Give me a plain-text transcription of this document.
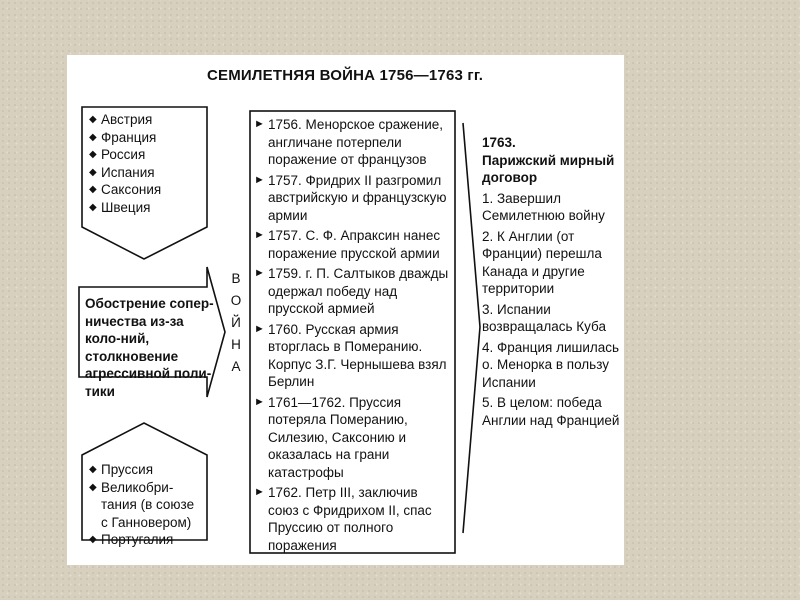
СЕМИЛЕТНЯЯ ВОЙНА 1756—1763 гг.
◆ Австрия
◆ Франция
◆ Россия
◆ Испания
◆ Саксония
◆ Швеция
Обострение сопер-ничества из-за коло-ний, столкновение агрессивной поли-тики
◆ Пруссия
◆ Великобри-тания (в союзе с Ганновером)
◆ Португалия
В
О
Й
Н
А
► 1756. Менорское сражение, англичане потерпели поражение от французов
► 1757. Фридрих II разгромил австрийскую и французскую армии
► 1757. С. Ф. Апраксин нанес поражение прусской армии
► 1759. г. П. Салтыков дважды одержал победу над прусской армией
► 1760. Русская армия вторглась в Померанию. Корпус З.Г. Чернышева взял Берлин
► 1761—1762. Пруссия потеряла Померанию, Силезию, Саксонию и оказалась на грани катастрофы
► 1762. Петр III, заключив союз с Фридрихом II, спас Пруссию от полного поражения
1763.
Парижский мирный договор
1. Завершил Семилетнюю войну
2. К Англии (от Франции) перешла Канада и другие территории
3. Испании возвращалась Куба
4. Франция лишилась о. Менорка в пользу Испании
5. В целом: победа Англии над Францией
